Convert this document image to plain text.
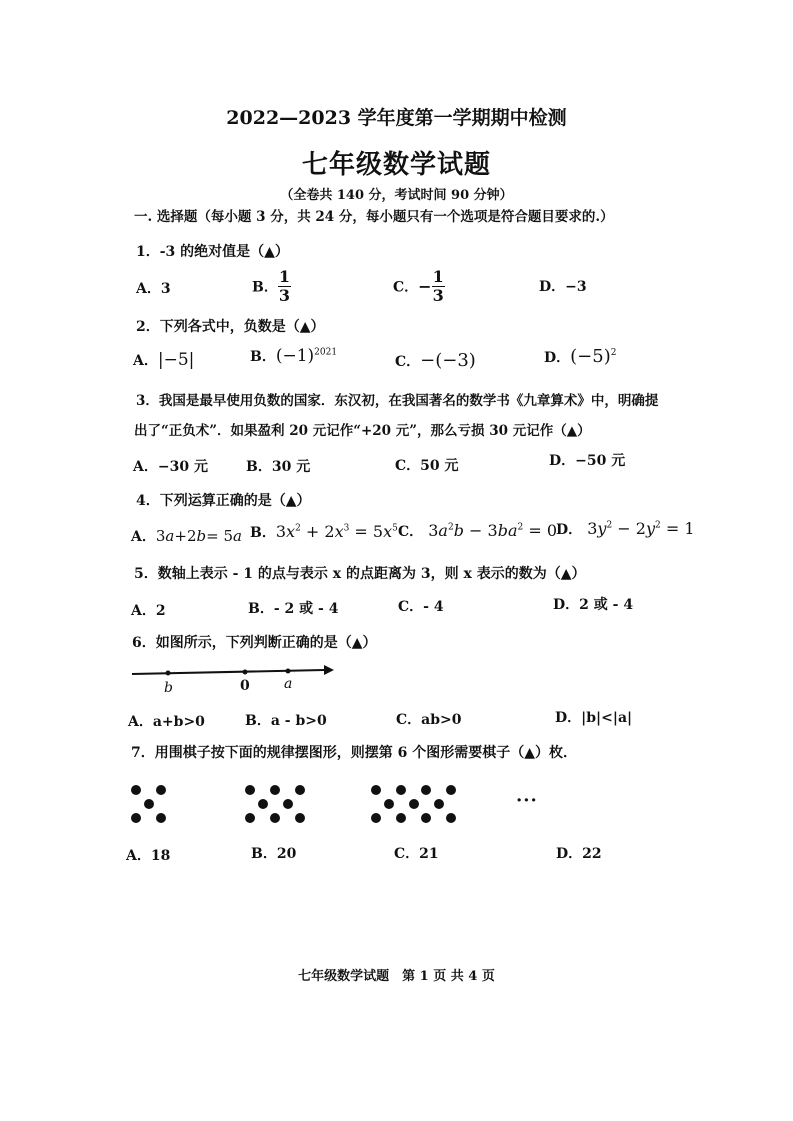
2022—2023 学年度第一学期期中检测
七年级数学试题
（全卷共 140 分，考试时间 90 分钟）
一. 选择题（每小题 3 分，共 24 分，每小题只有一个选项是符合题目要求的.）
1．-3 的绝对值是（▲）
A．3	B． $\frac{1}{3}$	C．− $\frac{1}{3}$	D．−3
2．下列各式中，负数是（▲）
A．|−5|	B．$(-1)^{2021}$
C．−(−3)	D．$(-5)^2$
3．我国是最早使用负数的国家．东汉初，在我国著名的数学书《九章算术》中，明确提
出了“正负术”．如果盈利 20 元记作“+20 元”，那么亏损 30 元记作（▲）
A．−30 元	B．30 元	C．50 元	D．−50 元
4．下列运算正确的是（▲）
A．3a+2b= 5a B．$3x^2 + 2x^3 = 5x^5$ C． $3a^2b - 3ba^2 = 0$ D． $3y^2 - 2y^2 = 1$
5．数轴上表示 - 1 的点与表示 x 的点距离为 3，则 x 表示的数为（▲）
A．2	B．- 2 或 - 4	C．- 4	D．2 或 - 4
6．如图所示，下列判断正确的是（▲）
b	0 a
A．a+b>0	B．a - b>0	C．ab>0	D．|b|<|a|
7．用围棋子按下面的规律摆图形，则摆第 6 个图形需要棋子（▲）枚．
···
A．18	B．20	C．21	D．22
七年级数学试题　第 1 页 共 4 页
